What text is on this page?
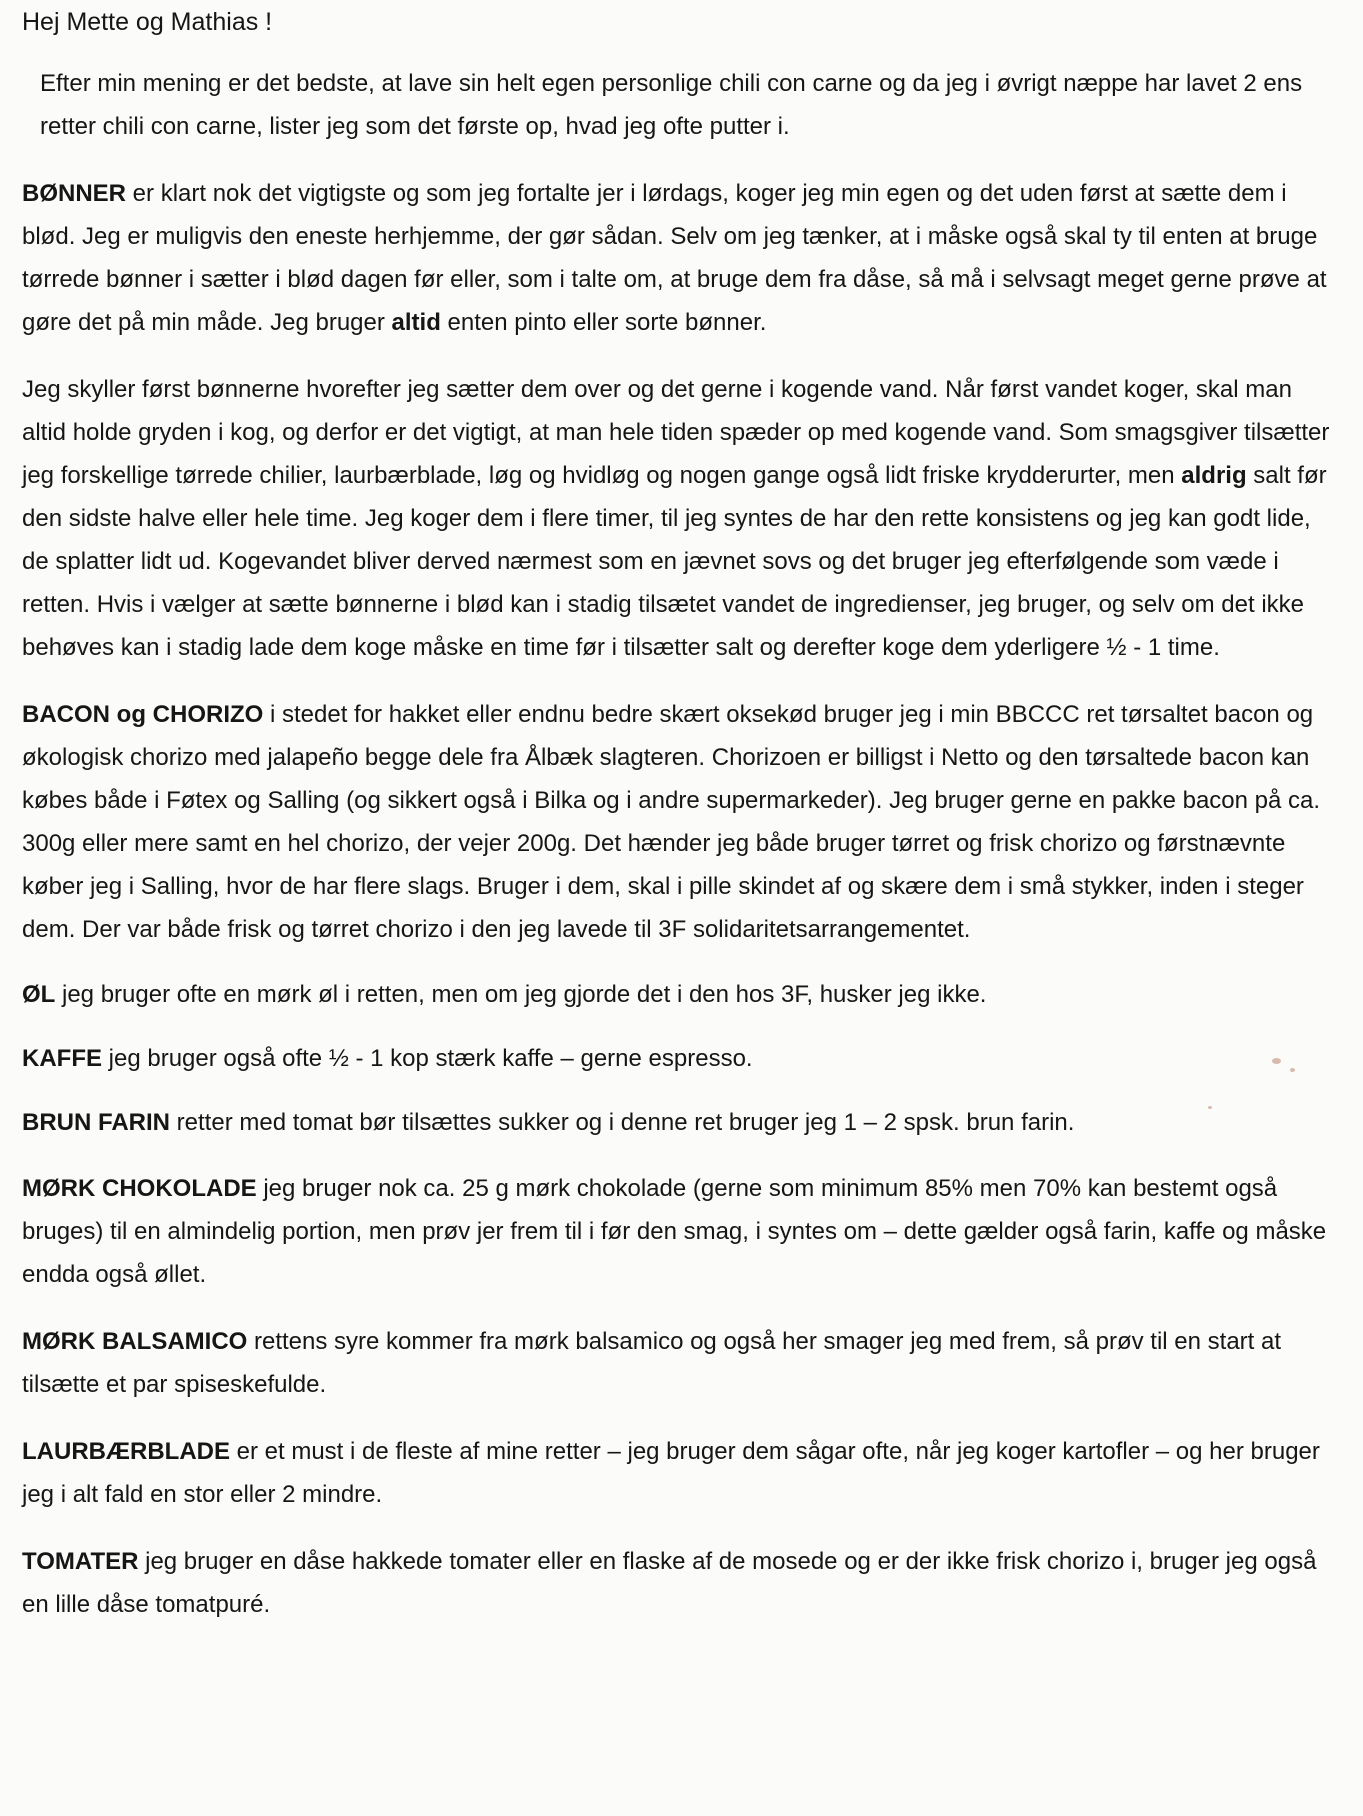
Hej Mette og Mathias !

Efter min mening er det bedste, at lave sin helt egen personlige chili con carne og da jeg i øvrigt næppe har lavet 2 ens retter chili con carne, lister jeg som det første op, hvad jeg ofte putter i.

BØNNER er klart nok det vigtigste og som jeg fortalte jer i lørdags, koger jeg min egen og det uden først at sætte dem i blød. Jeg er muligvis den eneste herhjemme, der gør sådan. Selv om jeg tænker, at i måske også skal ty til enten at bruge tørrede bønner i sætter i blød dagen før eller, som i talte om, at bruge dem fra dåse, så må i selvsagt meget gerne prøve at gøre det på min måde. Jeg bruger altid enten pinto eller sorte bønner.

Jeg skyller først bønnerne hvorefter jeg sætter dem over og det gerne i kogende vand. Når først vandet koger, skal man altid holde gryden i kog, og derfor er det vigtigt, at man hele tiden spæder op med kogende vand. Som smagsgiver tilsætter jeg forskellige tørrede chilier, laurbærblade, løg og hvidløg og nogen gange også lidt friske krydderurter, men aldrig salt før den sidste halve eller hele time. Jeg koger dem i flere timer, til jeg syntes de har den rette konsistens og jeg kan godt lide, de splatter lidt ud. Kogevandet bliver derved nærmest som en jævnet sovs og det bruger jeg efterfølgende som væde i retten. Hvis i vælger at sætte bønnerne i blød kan i stadig tilsætet vandet de ingredienser, jeg bruger, og selv om det ikke behøves kan i stadig lade dem koge måske en time før i tilsætter salt og derefter koge dem yderligere ½ - 1 time.

BACON og CHORIZO i stedet for hakket eller endnu bedre skært oksekød bruger jeg i min BBCCC ret tørsaltet bacon og økologisk chorizo med jalapeño begge dele fra Ålbæk slagteren. Chorizoen er billigst i Netto og den tørsaltede bacon kan købes både i Føtex og Salling (og sikkert også i Bilka og i andre supermarkeder). Jeg bruger gerne en pakke bacon på ca. 300g eller mere samt en hel chorizo, der vejer 200g. Det hænder jeg både bruger tørret og frisk chorizo og førstnævnte køber jeg i Salling, hvor de har flere slags. Bruger i dem, skal i pille skindet af og skære dem i små stykker, inden i steger dem. Der var både frisk og tørret chorizo i den jeg lavede til 3F solidaritetsarrangementet.

ØL jeg bruger ofte en mørk øl i retten, men om jeg gjorde det i den hos 3F, husker jeg ikke.

KAFFE jeg bruger også ofte ½ - 1 kop stærk kaffe – gerne espresso.

BRUN FARIN retter med tomat bør tilsættes sukker og i denne ret bruger jeg 1 – 2 spsk. brun farin.

MØRK CHOKOLADE jeg bruger nok ca. 25 g mørk chokolade (gerne som minimum 85% men 70% kan bestemt også bruges) til en almindelig portion, men prøv jer frem til i før den smag, i syntes om – dette gælder også farin, kaffe og måske endda også øllet.

MØRK BALSAMICO rettens syre kommer fra mørk balsamico og også her smager jeg med frem, så prøv til en start at tilsætte et par spiseskefulde.

LAURBÆRBLADE er et must i de fleste af mine retter – jeg bruger dem sågar ofte, når jeg koger kartofler – og her bruger jeg i alt fald en stor eller 2 mindre.

TOMATER jeg bruger en dåse hakkede tomater eller en flaske af de mosede og er der ikke frisk chorizo i, bruger jeg også en lille dåse tomatpuré.
